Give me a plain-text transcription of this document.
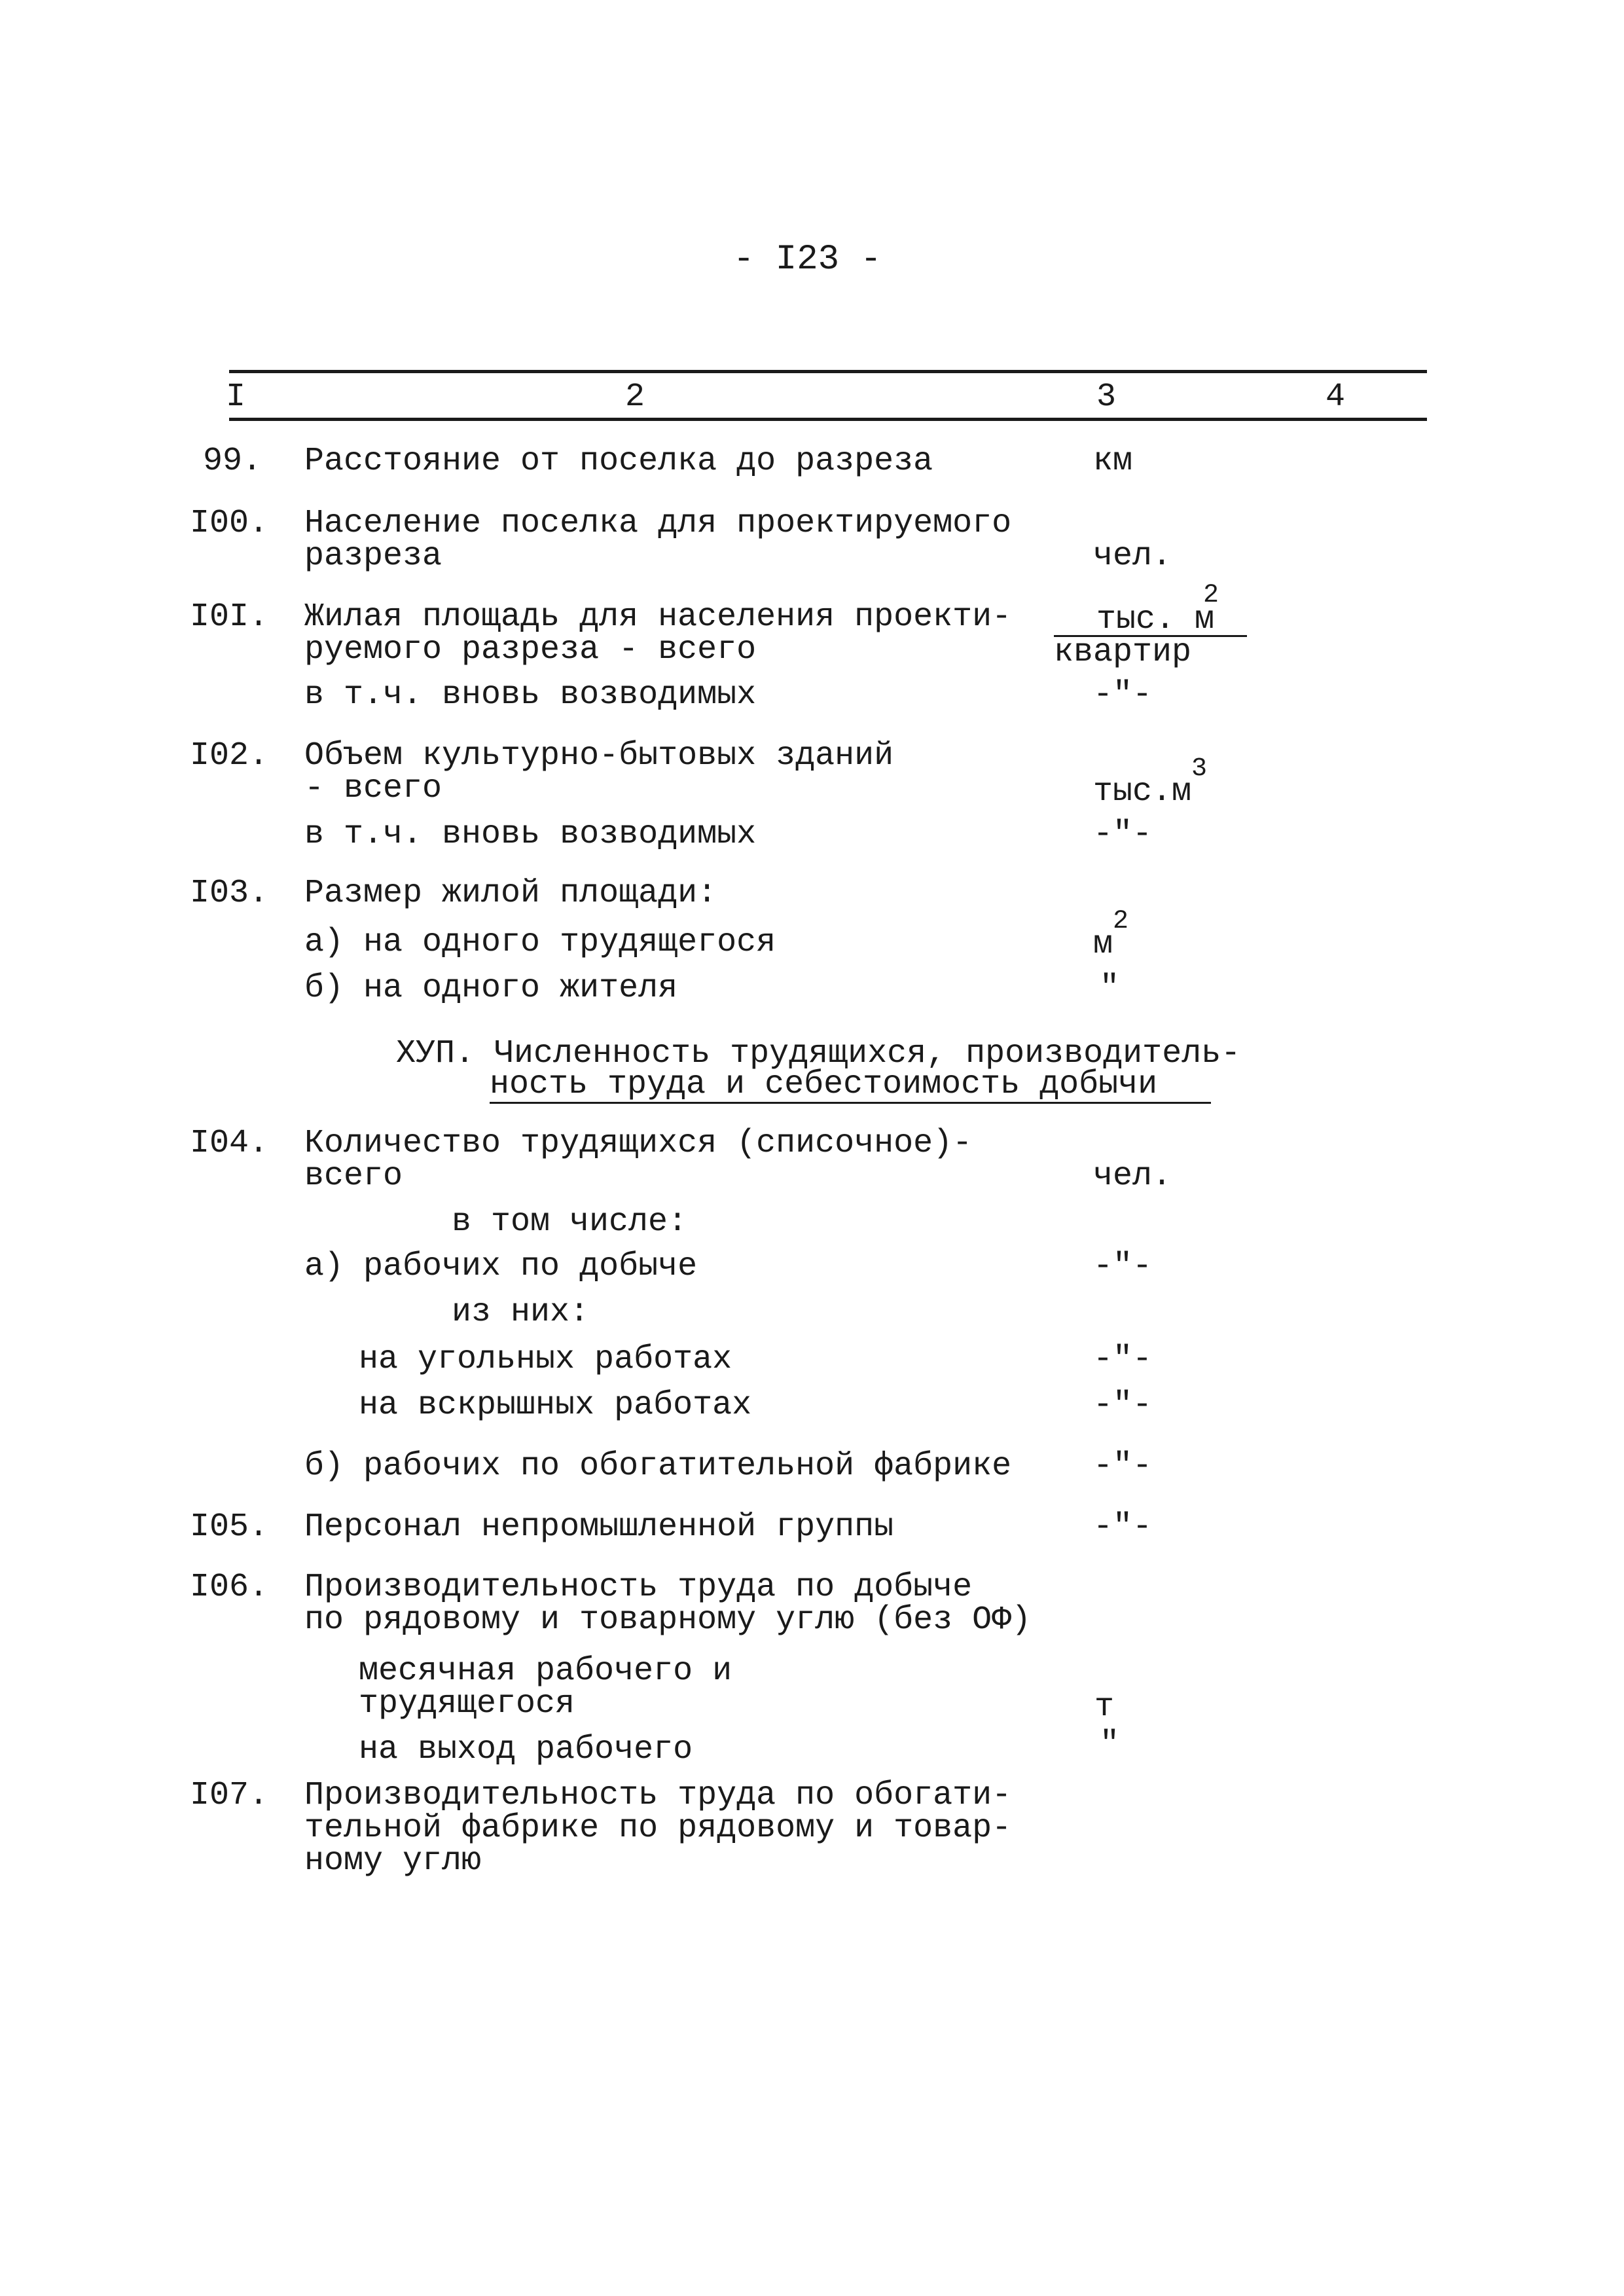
- I23 -
I	2	3	4
99. Расстояние от поселка до разреза	км
I00. Население поселка для проектируемого
разреза	чел.
I0I. Жилая площадь для населения проекти-
руемого разреза - всего
тыс. м
2
квартир
в т.ч. вновь возводимых	-"-
I02. Объем культурно-бытовых зданий
- всего	тыс.м
3
в т.ч. вновь возводимых	-"-
I03. Размер жилой площади:
а) на одного трудящегося	м
2
б) на одного жителя	"
ХУП. Численность трудящихся, производитель-
ность труда и себестоимость добычи
I04. Количество трудящихся (списочное)-
всего	чел.
в том числе:
а) рабочих по добыче	-"-
из них:
на угольных работах	-"-
на вскрышных работах	-"-
б) рабочих по обогатительной фабрике -"-
I05. Персонал непромышленной группы	-"-
I06. Производительность труда по добыче
по рядовому и товарному углю (без ОФ)
месячная рабочего и
трудящегося	т
на выход рабочего	"
I07. Производительность труда по обогати-
тельной фабрике по рядовому и товар-
ному углю
